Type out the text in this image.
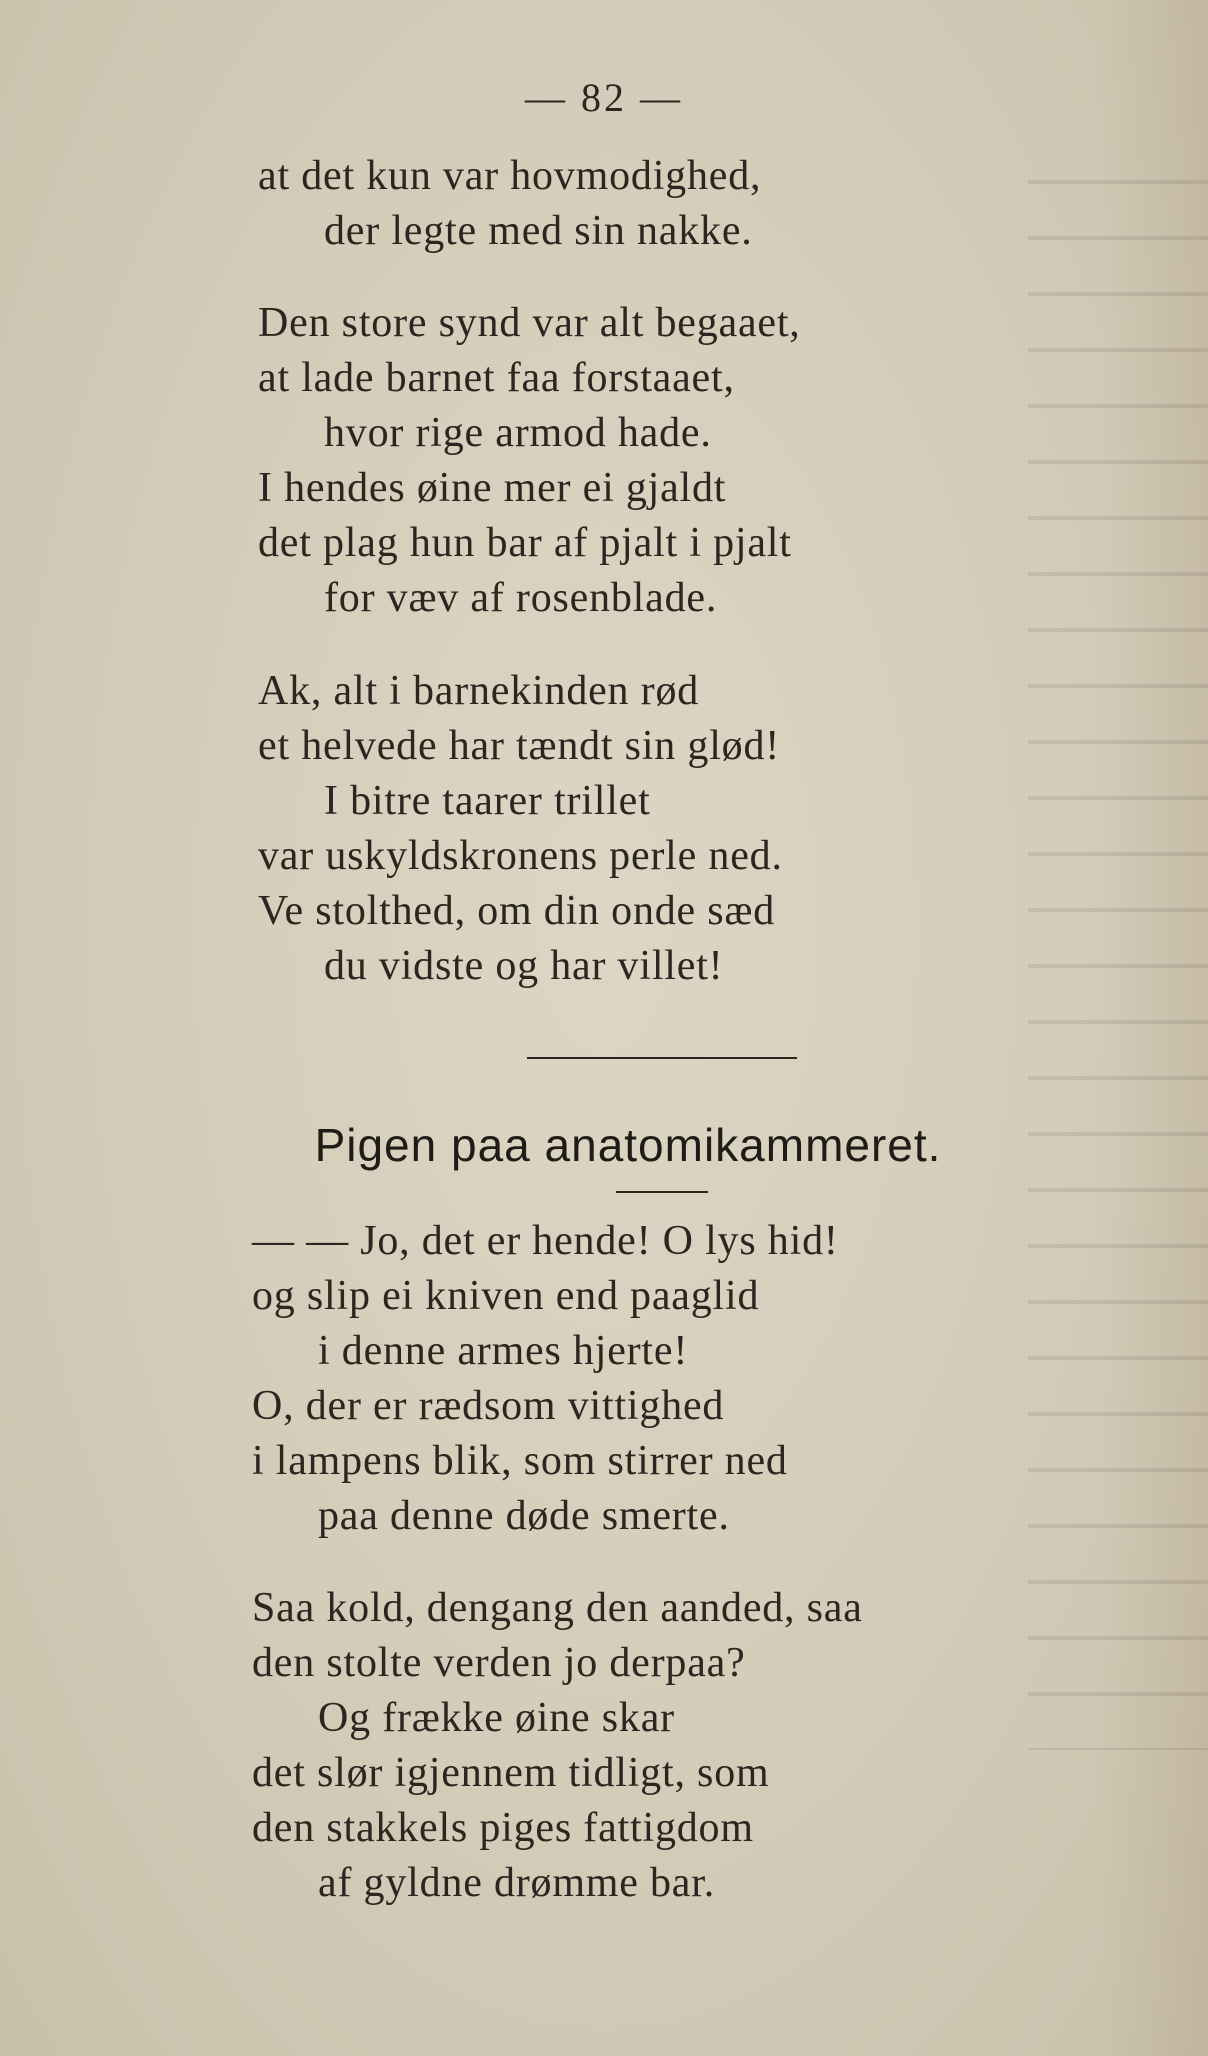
— 82 —
at det kun var hovmodighed,
der legte med sin nakke.
Den store synd var alt begaaet,
at lade barnet faa forstaaet,
hvor rige armod hade.
I hendes øine mer ei gjaldt
det plag hun bar af pjalt i pjalt
for væv af rosenblade.
Ak, alt i barnekinden rød
et helvede har tændt sin glød!
I bitre taarer trillet
var uskyldskronens perle ned.
Ve stolthed, om din onde sæd
du vidste og har villet!
Pigen paa anatomikammeret.
— — Jo, det er hende! O lys hid!
og slip ei kniven end paaglid
i denne armes hjerte!
O, der er rædsom vittighed
i lampens blik, som stirrer ned
paa denne døde smerte.
Saa kold, dengang den aanded, saa
den stolte verden jo derpaa?
Og frække øine skar
det slør igjennem tidligt, som
den stakkels piges fattigdom
af gyldne drømme bar.
